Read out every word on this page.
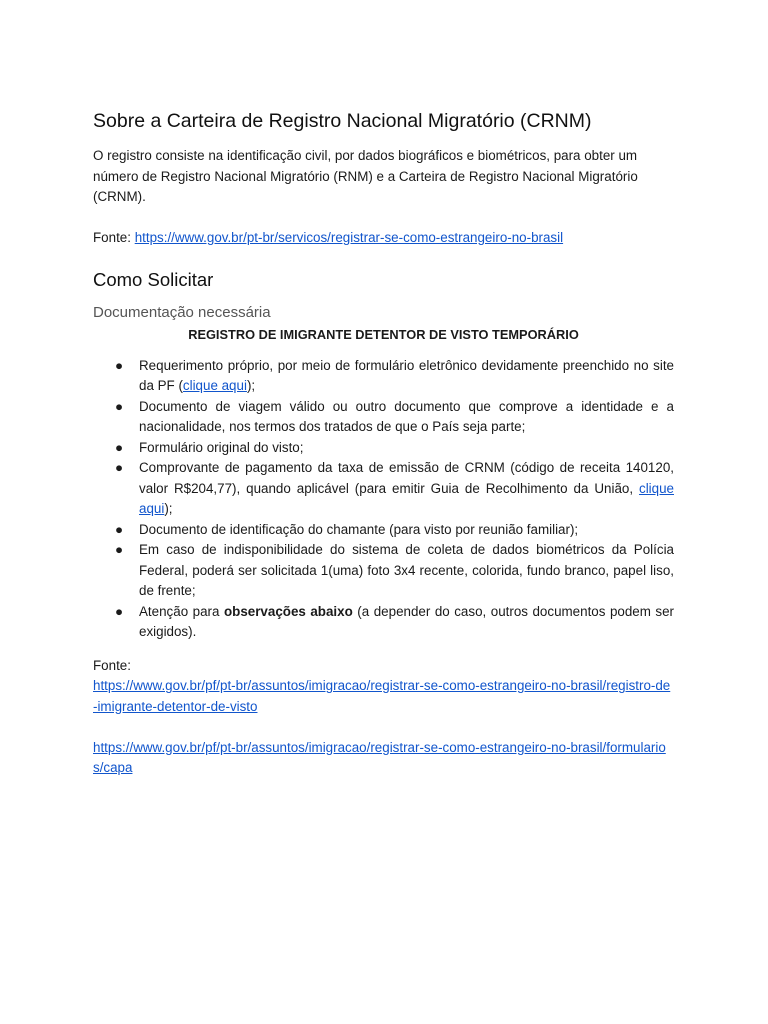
Sobre a Carteira de Registro Nacional Migratório (CRNM)

O registro consiste na identificação civil, por dados biográficos e biométricos, para obter um número de Registro Nacional Migratório (RNM) e a Carteira de Registro Nacional Migratório (CRNM).

Fonte: https://www.gov.br/pt-br/servicos/registrar-se-como-estrangeiro-no-brasil

Como Solicitar
Documentação necessária
REGISTRO DE IMIGRANTE DETENTOR DE VISTO TEMPORÁRIO
● Requerimento próprio, por meio de formulário eletrônico devidamente preenchido no site da PF (clique aqui);
● Documento de viagem válido ou outro documento que comprove a identidade e a nacionalidade, nos termos dos tratados de que o País seja parte;
● Formulário original do visto;
● Comprovante de pagamento da taxa de emissão de CRNM (código de receita 140120, valor R$204,77), quando aplicável (para emitir Guia de Recolhimento da União, clique aqui);
● Documento de identificação do chamante (para visto por reunião familiar);
● Em caso de indisponibilidade do sistema de coleta de dados biométricos da Polícia Federal, poderá ser solicitada 1(uma) foto 3x4 recente, colorida, fundo branco, papel liso, de frente;
● Atenção para observações abaixo (a depender do caso, outros documentos podem ser exigidos).

Fonte:

https://www.gov.br/pf/pt-br/assuntos/imigracao/registrar-se-como-estrangeiro-no-brasil/registro-de-imigrante-detentor-de-visto

https://www.gov.br/pf/pt-br/assuntos/imigracao/registrar-se-como-estrangeiro-no-brasil/formularios/capa
